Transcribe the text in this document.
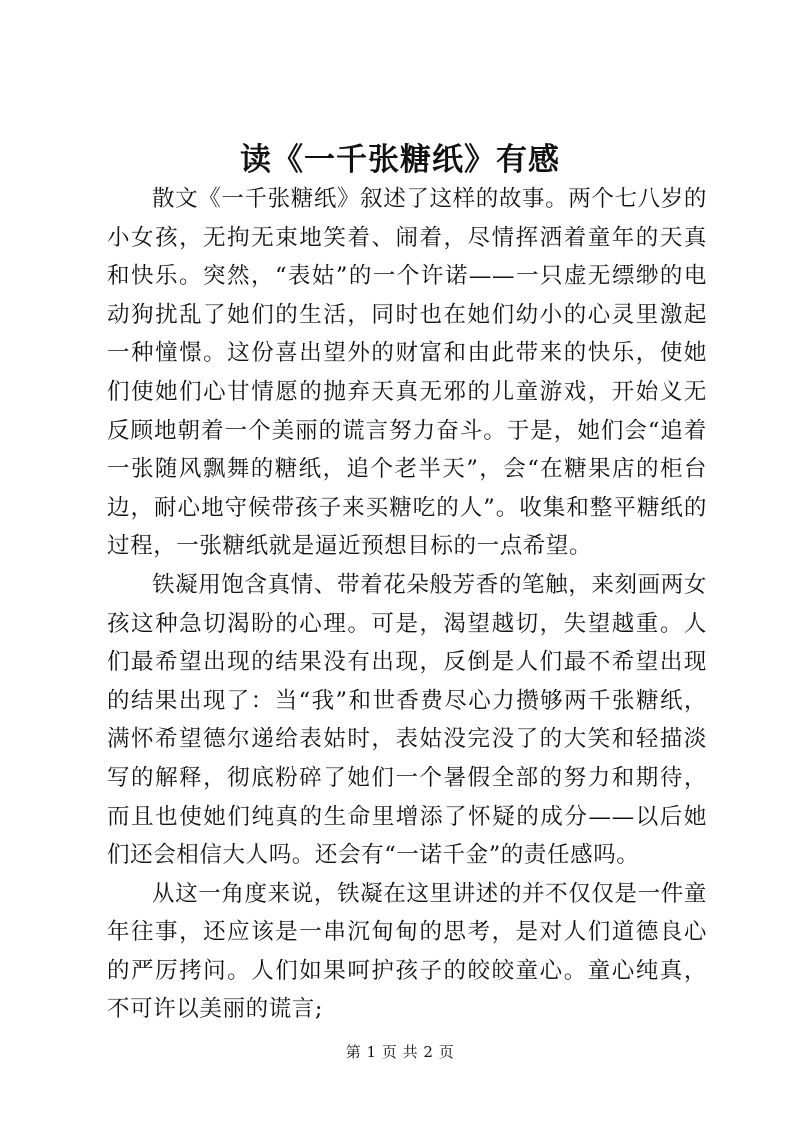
读《一千张糖纸》有感

散文《一千张糖纸》叙述了这样的故事。两个七八岁的小女孩，无拘无束地笑着、闹着，尽情挥洒着童年的天真和快乐。突然，“表姑”的一个许诺——一只虚无缥缈的电动狗扰乱了她们的生活，同时也在她们幼小的心灵里激起一种憧憬。这份喜出望外的财富和由此带来的快乐，使她们使她们心甘情愿的抛弃天真无邪的儿童游戏，开始义无反顾地朝着一个美丽的谎言努力奋斗。于是，她们会“追着一张随风飘舞的糖纸，追个老半天”，会“在糖果店的柜台边，耐心地守候带孩子来买糖吃的人”。收集和整平糖纸的过程，一张糖纸就是逼近预想目标的一点希望。

铁凝用饱含真情、带着花朵般芳香的笔触，来刻画两女孩这种急切渴盼的心理。可是，渴望越切，失望越重。人们最希望出现的结果没有出现，反倒是人们最不希望出现的结果出现了：当“我”和世香费尽心力攒够两千张糖纸，满怀希望德尔递给表姑时，表姑没完没了的大笑和轻描淡写的解释，彻底粉碎了她们一个暑假全部的努力和期待，而且也使她们纯真的生命里增添了怀疑的成分——以后她们还会相信大人吗。还会有“一诺千金”的责任感吗。

从这一角度来说，铁凝在这里讲述的并不仅仅是一件童年往事，还应该是一串沉甸甸的思考，是对人们道德良心的严厉拷问。人们如果呵护孩子的皎皎童心。童心纯真，不可许以美丽的谎言;

第 1 页 共 2 页
